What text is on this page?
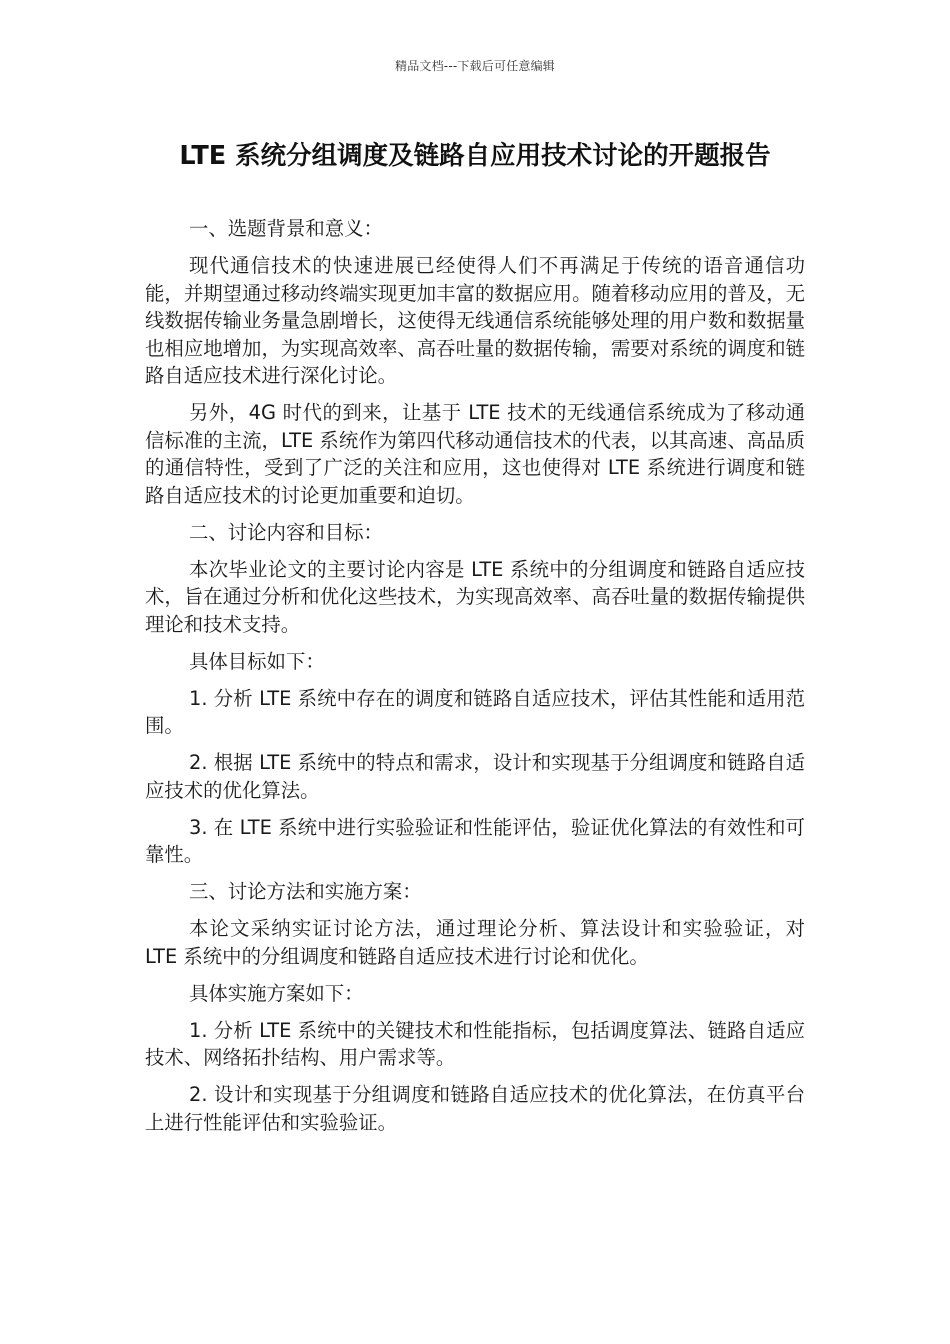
精品文档---下载后可任意编辑
LTE 系统分组调度及链路自应用技术讨论的开题报告

一、选题背景和意义：

现代通信技术的快速进展已经使得人们不再满足于传统的语音通信功能，并期望通过移动终端实现更加丰富的数据应用。随着移动应用的普及，无线数据传输业务量急剧增长，这使得无线通信系统能够处理的用户数和数据量也相应地增加，为实现高效率、高吞吐量的数据传输，需要对系统的调度和链路自适应技术进行深化讨论。

另外，4G 时代的到来，让基于 LTE 技术的无线通信系统成为了移动通信标准的主流，LTE 系统作为第四代移动通信技术的代表，以其高速、高品质的通信特性，受到了广泛的关注和应用，这也使得对 LTE 系统进行调度和链路自适应技术的讨论更加重要和迫切。

二、讨论内容和目标：

本次毕业论文的主要讨论内容是 LTE 系统中的分组调度和链路自适应技术，旨在通过分析和优化这些技术，为实现高效率、高吞吐量的数据传输提供理论和技术支持。

具体目标如下：

1. 分析 LTE 系统中存在的调度和链路自适应技术，评估其性能和适用范围。

2. 根据 LTE 系统中的特点和需求，设计和实现基于分组调度和链路自适应技术的优化算法。

3. 在 LTE 系统中进行实验验证和性能评估，验证优化算法的有效性和可靠性。

三、讨论方法和实施方案：

本论文采纳实证讨论方法，通过理论分析、算法设计和实验验证，对 LTE 系统中的分组调度和链路自适应技术进行讨论和优化。

具体实施方案如下：

1. 分析 LTE 系统中的关键技术和性能指标，包括调度算法、链路自适应技术、网络拓扑结构、用户需求等。

2. 设计和实现基于分组调度和链路自适应技术的优化算法，在仿真平台上进行性能评估和实验验证。
